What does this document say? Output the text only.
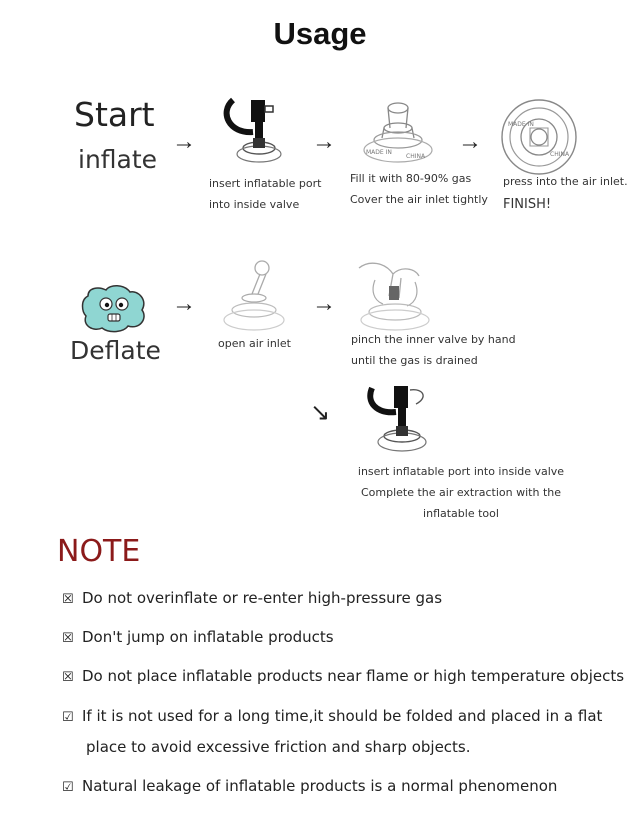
Usage
Start
inflate
→	→	→
insert inflatable port
into inside valve
MADE IN
CHINA
Fill it with 80-90% gas
Cover the air inlet tightly
MADE IN
CHINA
press into the air inlet.
FINISH!
Deflate
→	→
open air inlet	pinch the inner valve by hand
until the gas is drained
↘
insert inflatable port into inside valve
Complete the air extraction with the inflatable tool
NOTE
☒ Do not overinflate or re-enter high-pressure gas
☒ Don't jump on inflatable products
☒ Do not place inflatable products near flame or high temperature objects
☑ If it is not used for a long time,it should be folded and placed in a flat
place to avoid excessive friction and sharp objects.
☑ Natural leakage of inflatable products is a normal phenomenon
